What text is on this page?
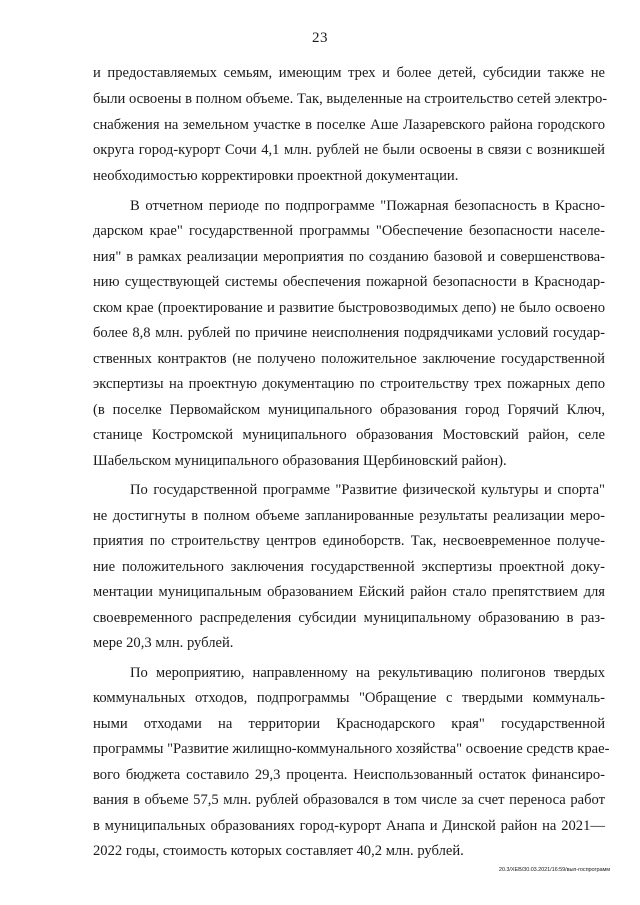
23
и предоставляемых семьям, имеющим трех и более детей, субсидии также не
были освоены в полном объеме. Так, выделенные на строительство сетей электро-
снабжения на земельном участке в поселке Аше Лазаревского района городского
округа город-курорт Сочи 4,1 млн. рублей не были освоены в связи с возникшей
необходимостью корректировки проектной документации.
В отчетном периоде по подпрограмме "Пожарная безопасность в Красно-
дарском крае" государственной программы "Обеспечение безопасности населе-
ния" в рамках реализации мероприятия по созданию базовой и совершенствова-
нию существующей системы обеспечения пожарной безопасности в Краснодар-
ском крае (проектирование и развитие быстровозводимых депо) не было освоено
более 8,8 млн. рублей по причине неисполнения подрядчиками условий государ-
ственных контрактов (не получено положительное заключение государственной
экспертизы на проектную документацию по строительству трех пожарных депо
(в поселке Первомайском муниципального образования город Горячий Ключ,
станице Костромской муниципального образования Мостовский район, селе
Шабельском муниципального образования Щербиновский район).
По государственной программе "Развитие физической культуры и спорта"
не достигнуты в полном объеме запланированные результаты реализации меро-
приятия по строительству центров единоборств. Так, несвоевременное получе-
ние положительного заключения государственной экспертизы проектной доку-
ментации муниципальным образованием Ейский район стало препятствием для
своевременного распределения субсидии муниципальному образованию в раз-
мере 20,3 млн. рублей.
По мероприятию, направленному на рекультивацию полигонов твердых
коммунальных отходов, подпрограммы "Обращение с твердыми коммуналь-
ными отходами на территории Краснодарского края" государственной
программы "Развитие жилищно-коммунального хозяйства" освоение средств крае-
вого бюджета составило 29,3 процента. Неиспользованный остаток финансиро-
вания в объеме 57,5 млн. рублей образовался в том числе за счет переноса работ
в муниципальных образованиях город-курорт Анапа и Динской район на 2021—
2022 годы, стоимость которых составляет 40,2 млн. рублей.
20.3/ХЕВ/30.03.2021/16:59/вып-госпрограмм
